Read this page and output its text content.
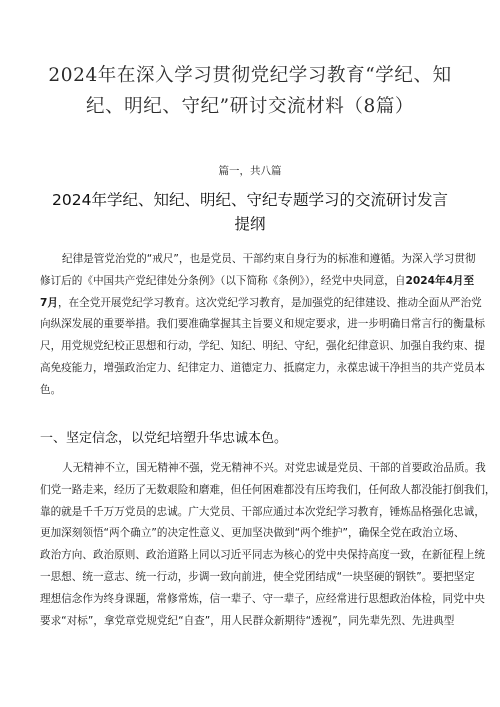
2024年在深入学习贯彻党纪学习教育“学纪、知
纪、明纪、守纪”研讨交流材料（8篇）
篇一，共八篇
2024年学纪、知纪、明纪、守纪专题学习的交流研讨发言
提纲
纪律是管党治党的“戒尺”，也是党员、干部约束自身行为的标准和遵循。为深入学习贯彻
修订后的《中国共产党纪律处分条例》（以下简称《条例》），经党中央同意，自2024年4月至
7月，在全党开展党纪学习教育。这次党纪学习教育，是加强党的纪律建设、推动全面从严治党
向纵深发展的重要举措。我们要准确掌握其主旨要义和规定要求，进一步明确日常言行的衡量标
尺，用党规党纪校正思想和行动，学纪、知纪、明纪、守纪，强化纪律意识、加强自我约束、提
高免疫能力，增强政治定力、纪律定力、道德定力、抵腐定力，永葆忠诚干净担当的共产党员本
色。
一、坚定信念，以党纪培塑升华忠诚本色。
人无精神不立，国无精神不强，党无精神不兴。对党忠诚是党员、干部的首要政治品质。我
们党一路走来，经历了无数艰险和磨难，但任何困难都没有压垮我们，任何敌人都没能打倒我们，
靠的就是千千万万党员的忠诚。广大党员、干部应通过本次党纪学习教育，锤炼品格强化忠诚，
更加深刻领悟“两个确立”的决定性意义、更加坚决做到“两个维护”，确保全党在政治立场、
政治方向、政治原则、政治道路上同以习近平同志为核心的党中央保持高度一致，在新征程上统
一思想、统一意志、统一行动，步调一致向前进，使全党团结成“一块坚硬的钢铁”。要把坚定
理想信念作为终身课题，常修常炼，信一辈子、守一辈子，应经常进行思想政治体检，同党中央
要求“对标”，拿党章党规党纪“自查”，用人民群众新期待“透视”，同先辈先烈、先进典型
